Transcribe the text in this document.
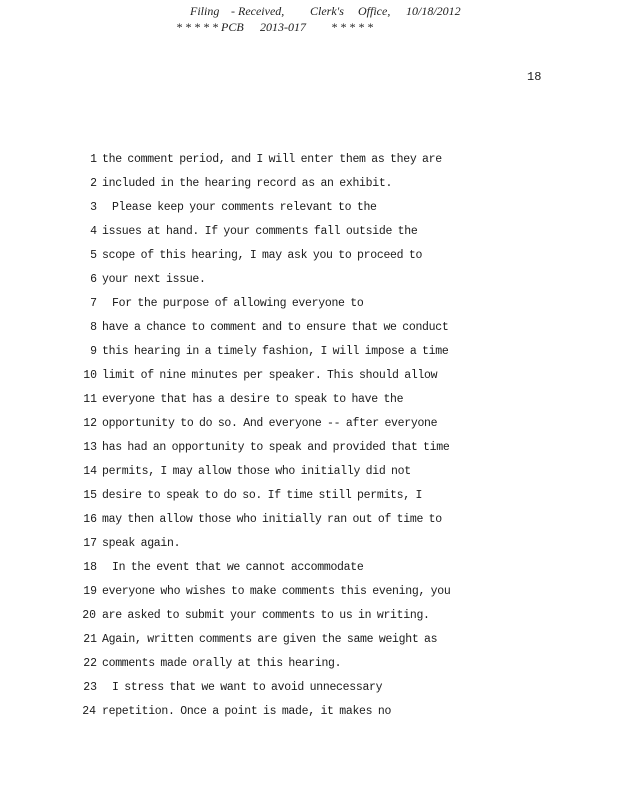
Filing - Received, Clerk's Office, 10/18/2012
* * * * * PCB 2013-017 * * * * *
18
1 the comment period, and I will enter them as they are
2 included in the hearing record as an exhibit.
3 Please keep your comments relevant to the
4 issues at hand. If your comments fall outside the
5 scope of this hearing, I may ask you to proceed to
6 your next issue.
7 For the purpose of allowing everyone to
8 have a chance to comment and to ensure that we conduct
9 this hearing in a timely fashion, I will impose a time
10 limit of nine minutes per speaker. This should allow
11 everyone that has a desire to speak to have the
12 opportunity to do so. And everyone -- after everyone
13 has had an opportunity to speak and provided that time
14 permits, I may allow those who initially did not
15 desire to speak to do so. If time still permits, I
16 may then allow those who initially ran out of time to
17 speak again.
18 In the event that we cannot accommodate
19 everyone who wishes to make comments this evening, you
20 are asked to submit your comments to us in writing.
21 Again, written comments are given the same weight as
22 comments made orally at this hearing.
23 I stress that we want to avoid unnecessary
24 repetition. Once a point is made, it makes no
